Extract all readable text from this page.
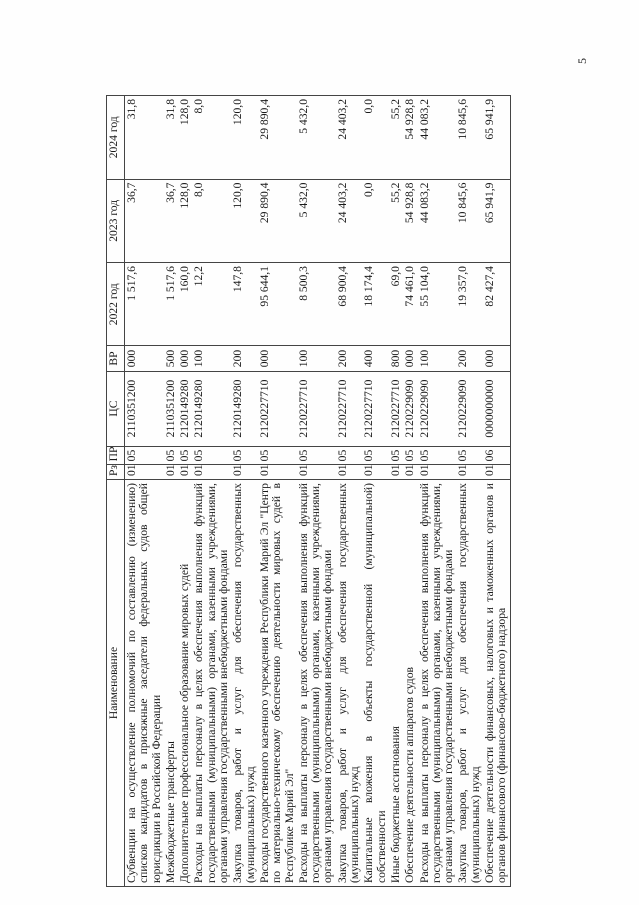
5
Наименование	Рз	ПР	ЦС	ВР	2022 год	2023 год	2024 год
Субвенции на осуществление полномочий по составлению (изменению) списков кандидатов в присяжные заседатели федеральных судов общей юрисдикции в Российской Федерации	01	05	2110351200	000	1 517,6	36,7	31,8
Межбюджетные трансферты	01	05	2110351200	500	1 517,6	36,7	31,8
Дополнительное профессиональное образование мировых судей	01	05	2120149280	000	160,0	128,0	128,0
Расходы на выплаты персоналу в целях обеспечения выполнения функций государственными (муниципальными) органами, казенными учреждениями, органами управления государственными внебюджетными фондами	01	05	2120149280	100	12,2	8,0	8,0
Закупка товаров, работ и услуг для обеспечения государственных (муниципальных) нужд	01	05	2120149280	200	147,8	120,0	120,0
Расходы государственного казенного учреждения Республики Марий Эл "Центр по материально-техническому обеспечению деятельности мировых судей в Республике Марий Эл"	01	05	2120227710	000	95 644,1	29 890,4	29 890,4
Расходы на выплаты персоналу в целях обеспечения выполнения функций государственными (муниципальными) органами, казенными учреждениями, органами управления государственными внебюджетными фондами	01	05	2120227710	100	8 500,3	5 432,0	5 432,0
Закупка товаров, работ и услуг для обеспечения государственных (муниципальных) нужд	01	05	2120227710	200	68 900,4	24 403,2	24 403,2
Капитальные вложения в объекты государственной (муниципальной) собственности	01	05	2120227710	400	18 174,4	0,0	0,0
Иные бюджетные ассигнования	01	05	2120227710	800	69,0	55,2	55,2
Обеспечение деятельности аппаратов судов	01	05	2120229090	000	74 461,0	54 928,8	54 928,8
Расходы на выплаты персоналу в целях обеспечения выполнения функций государственными (муниципальными) органами, казенными учреждениями, органами управления государственными внебюджетными фондами	01	05	2120229090	100	55 104,0	44 083,2	44 083,2
Закупка товаров, работ и услуг для обеспечения государственных (муниципальных) нужд	01	05	2120229090	200	19 357,0	10 845,6	10 845,6
Обеспечение деятельности финансовых, налоговых и таможенных органов и органов финансового (финансово-бюджетного) надзора	01	06	0000000000	000	82 427,4	65 941,9	65 941,9
